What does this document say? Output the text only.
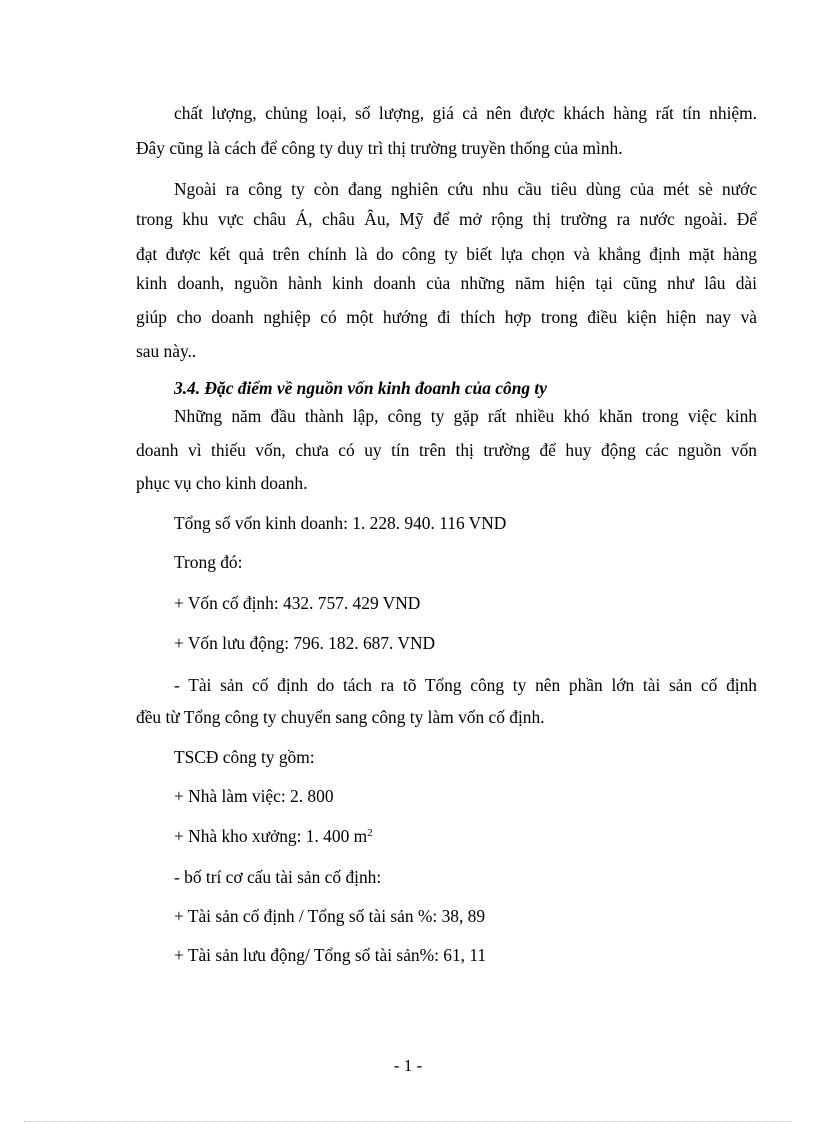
chất lượng, chủng loại, số lượng, giá cả nên được khách hàng rất tín nhiệm.
Đây cũng là cách để công ty duy trì thị trường truyền thống của mình.
Ngoài ra công ty còn đang nghiên cứu nhu cầu tiêu dùng của mét sè nước
trong khu vực châu Á, châu Âu, Mỹ để mở rộng thị trường ra nước ngoài. Để
đạt được kết quả trên chính là do công ty biết lựa chọn và khẳng định mặt hàng
kinh doanh, nguồn hành kinh doanh của những năm hiện tại cũng như lâu dài
giúp cho doanh nghiệp có một hướng đi thích hợp trong điều kiện hiện nay và
sau này..
3.4. Đặc điểm về nguồn vốn kinh đoanh của công ty
Những năm đầu thành lập, công ty gặp rất nhiều khó khăn trong việc kinh
doanh vì thiếu vốn, chưa có uy tín trên thị trường để huy động các nguồn vốn
phục vụ cho kinh doanh.
Tổng số vốn kinh doanh: 1. 228. 940. 116 VND
Trong đó:
+ Vốn cố định: 432. 757. 429 VND
+ Vốn lưu động: 796. 182. 687. VND
- Tài sản cố định do tách ra tõ Tổng công ty nên phần lớn tài sản cố định
đều từ Tổng công ty chuyển sang công ty làm vốn cố định.
TSCĐ công ty gồm:
+ Nhà làm việc: 2. 800
+ Nhà kho xưởng: 1. 400 $m^2$
- bố trí cơ cấu tài sản cố định:
+ Tài sản cố định / Tổng số tài sản %: 38, 89
+ Tài sản lưu động/ Tổng số tài sản%: 61, 11
- 1 -
